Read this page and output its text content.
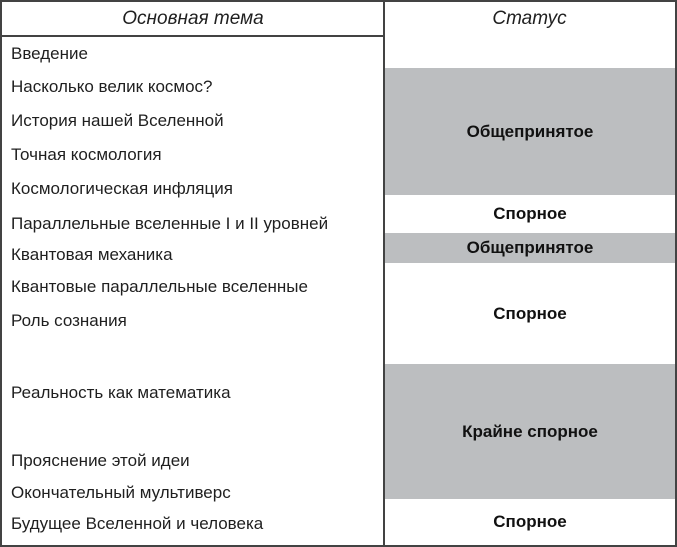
Основная тема	Статус
Общепринятое
Спорное
Общепринятое
Спорное
Крайне спорное
Спорное
Введение
Насколько велик космос?
История нашей Вселенной
Точная космология
Космологическая инфляция
Параллельные вселенные I и II уровней
Квантовая механика
Квантовые параллельные вселенные
Роль сознания
Реальность как математика
Прояснение этой идеи
Окончательный мультиверс
Будущее Вселенной и человека
